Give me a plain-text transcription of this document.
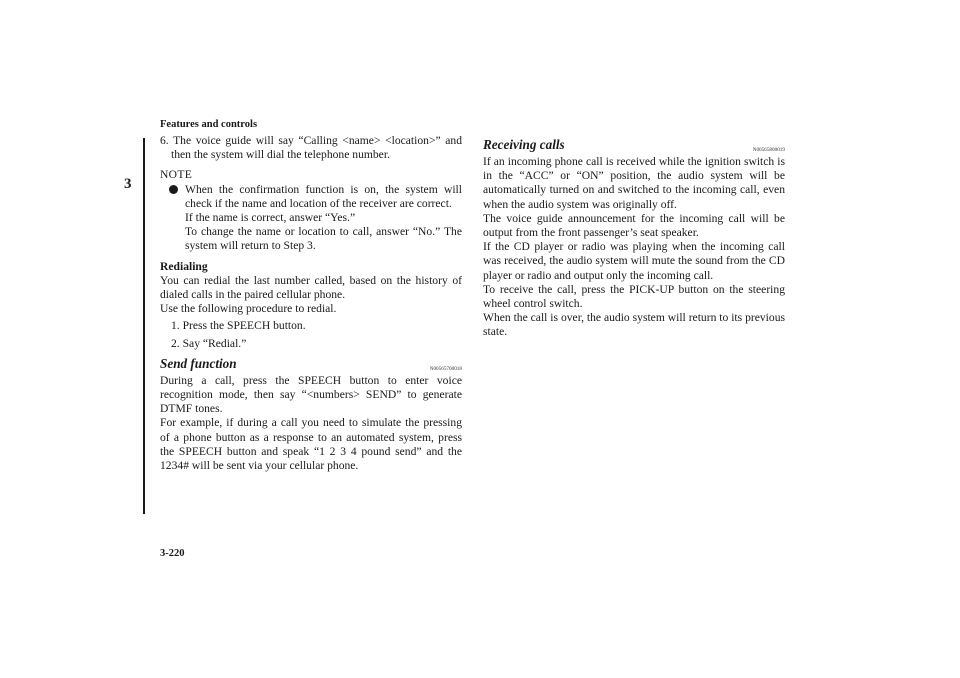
Features and controls
3

6. The voice guide will say “Calling <name> <location>” and then the system will dial the telephone number.

NOTE

When the confirmation function is on, the system will check if the name and location of the receiver are correct.

If the name is correct, answer “Yes.”

To change the name or location to call, answer “No.” The system will return to Step 3.

Redialing

You can redial the last number called, based on the history of dialed calls in the paired cellular phone.

Use the following procedure to redial.

1. Press the SPEECH button.
2. Say “Redial.”
Send function	N00565700018

During a call, press the SPEECH button to enter voice recognition mode, then say “<numbers> SEND” to generate DTMF tones.

For example, if during a call you need to simulate the pressing of a phone button as a response to an automated system, press the SPEECH button and speak “1 2 3 4 pound send” and the 1234# will be sent via your cellular phone.

Receiving calls	N00565800019

If an incoming phone call is received while the ignition switch is in the “ACC” or “ON” position, the audio system will be automatically turned on and switched to the incoming call, even when the audio system was originally off.

The voice guide announcement for the incoming call will be output from the front passenger’s seat speaker.

If the CD player or radio was playing when the incoming call was received, the audio system will mute the sound from the CD player or radio and output only the incoming call.

To receive the call, press the PICK-UP button on the steering wheel control switch.

When the call is over, the audio system will return to its previous state.

3-220
